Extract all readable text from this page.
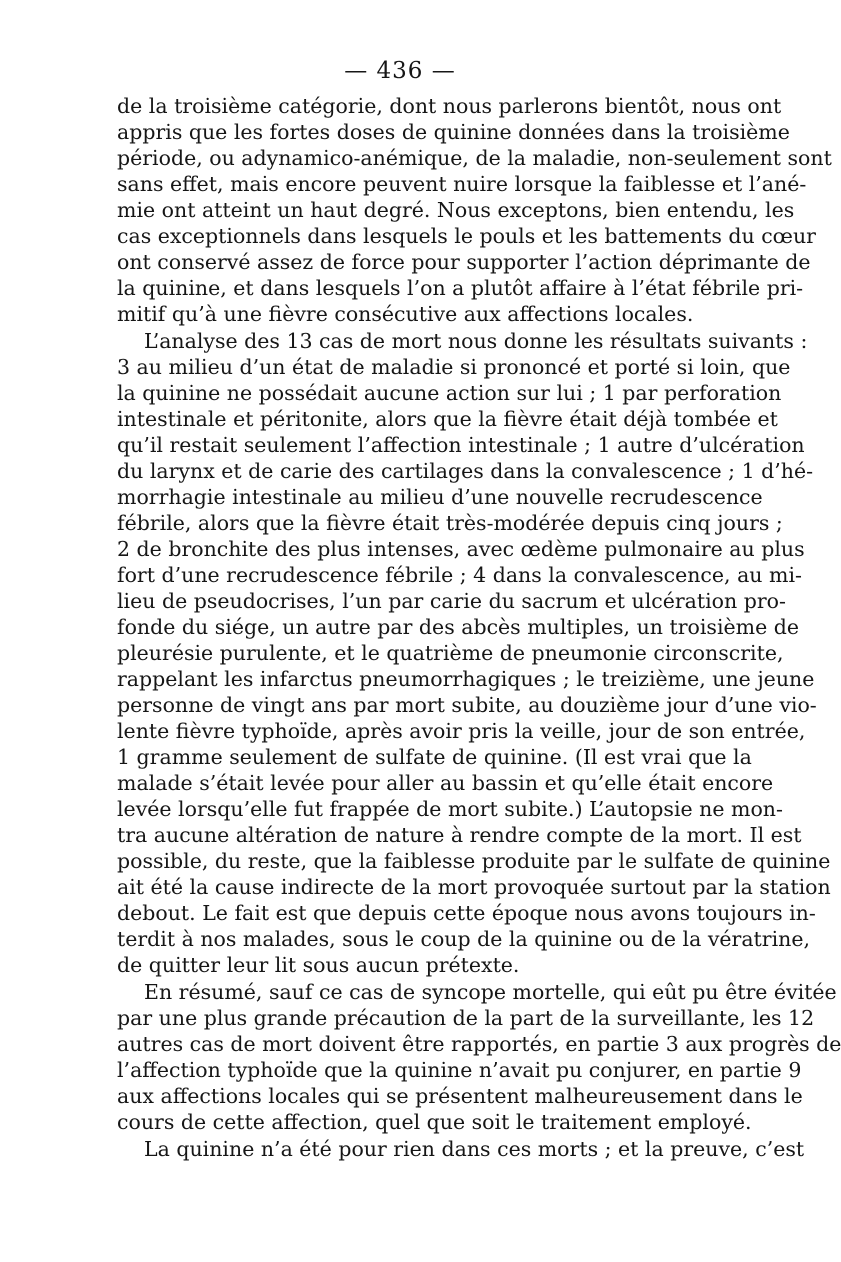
— 436 —
de la troisième catégorie, dont nous parlerons bientôt, nous ont
appris que les fortes doses de quinine données dans la troisième
période, ou adynamico-anémique, de la maladie, non-seulement sont
sans effet, mais encore peuvent nuire lorsque la faiblesse et l’ané-
mie ont atteint un haut degré. Nous exceptons, bien entendu, les
cas exceptionnels dans lesquels le pouls et les battements du cœur
ont conservé assez de force pour supporter l’action déprimante de
la quinine, et dans lesquels l’on a plutôt affaire à l’état fébrile pri-
mitif qu’à une fièvre consécutive aux affections locales.
L’analyse des 13 cas de mort nous donne les résultats suivants :
3 au milieu d’un état de maladie si prononcé et porté si loin, que
la quinine ne possédait aucune action sur lui ; 1 par perforation
intestinale et péritonite, alors que la fièvre était déjà tombée et
qu’il restait seulement l’affection intestinale ; 1 autre d’ulcération
du larynx et de carie des cartilages dans la convalescence ; 1 d’hé-
morrhagie intestinale au milieu d’une nouvelle recrudescence
fébrile, alors que la fièvre était très-modérée depuis cinq jours ;
2 de bronchite des plus intenses, avec œdème pulmonaire au plus
fort d’une recrudescence fébrile ; 4 dans la convalescence, au mi-
lieu de pseudocrises, l’un par carie du sacrum et ulcération pro-
fonde du siége, un autre par des abcès multiples, un troisième de
pleurésie purulente, et le quatrième de pneumonie circonscrite,
rappelant les infarctus pneumorrhagiques ; le treizième, une jeune
personne de vingt ans par mort subite, au douzième jour d’une vio-
lente fièvre typhoïde, après avoir pris la veille, jour de son entrée,
1 gramme seulement de sulfate de quinine. (Il est vrai que la
malade s’était levée pour aller au bassin et qu’elle était encore
levée lorsqu’elle fut frappée de mort subite.) L’autopsie ne mon-
tra aucune altération de nature à rendre compte de la mort. Il est
possible, du reste, que la faiblesse produite par le sulfate de quinine
ait été la cause indirecte de la mort provoquée surtout par la station
debout. Le fait est que depuis cette époque nous avons toujours in-
terdit à nos malades, sous le coup de la quinine ou de la vératrine,
de quitter leur lit sous aucun prétexte.
En résumé, sauf ce cas de syncope mortelle, qui eût pu être évitée
par une plus grande précaution de la part de la surveillante, les 12
autres cas de mort doivent être rapportés, en partie 3 aux progrès de
l’affection typhoïde que la quinine n’avait pu conjurer, en partie 9
aux affections locales qui se présentent malheureusement dans le
cours de cette affection, quel que soit le traitement employé.
La quinine n’a été pour rien dans ces morts ; et la preuve, c’est
